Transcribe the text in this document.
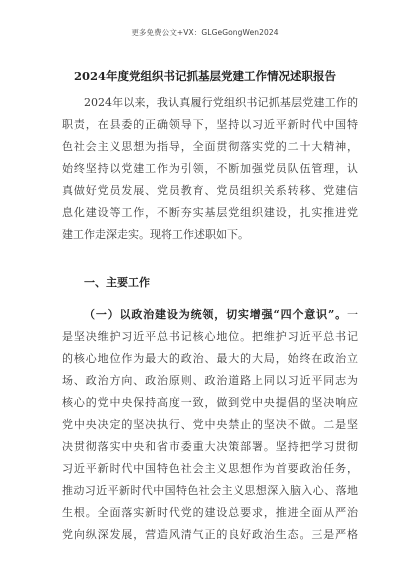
更多免费公文+VX：GLGeGongWen2024
2024年度党组织书记抓基层党建工作情况述职报告
2024年以来，我认真履行党组织书记抓基层党建工作的
职责，在县委的正确领导下，坚持以习近平新时代中国特
色社会主义思想为指导，全面贯彻落实党的二十大精神，
始终坚持以党建工作为引领，不断加强党员队伍管理，认
真做好党员发展、党员教育、党员组织关系转移、党建信
息化建设等工作，不断夯实基层党组织建设，扎实推进党
建工作走深走实。现将工作述职如下。
一、主要工作
（一）以政治建设为统领，切实增强“四个意识”。一
是坚决维护习近平总书记核心地位。把维护习近平总书记
的核心地位作为最大的政治、最大的大局，始终在政治立
场、政治方向、政治原则、政治道路上同以习近平同志为
核心的党中央保持高度一致，做到党中央提倡的坚决响应
党中央决定的坚决执行、党中央禁止的坚决不做。二是坚
决贯彻落实中央和省市委重大决策部署。坚持把学习贯彻
习近平新时代中国特色社会主义思想作为首要政治任务，
推动习近平新时代中国特色社会主义思想深入脑入心、落地
生根。全面落实新时代党的建设总要求，推进全面从严治
党向纵深发展，营造风清气正的良好政治生态。三是严格
